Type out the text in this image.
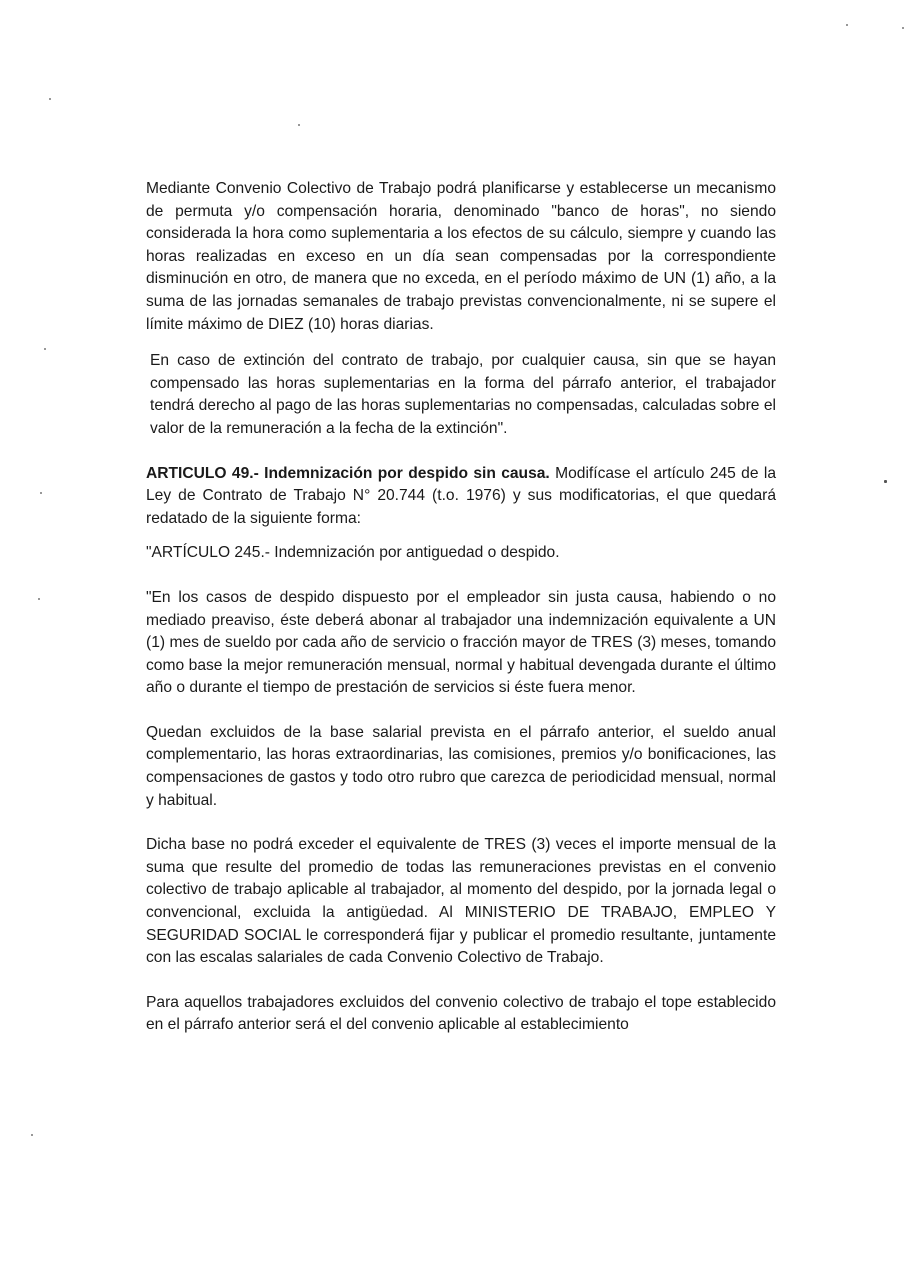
Mediante Convenio Colectivo de Trabajo podrá planificarse y establecerse un mecanismo de permuta y/o compensación horaria, denominado "banco de horas", no siendo considerada la hora como suplementaria a los efectos de su cálculo, siempre y cuando las horas realizadas en exceso en un día sean compensadas por la correspondiente disminución en otro, de manera que no exceda, en el período máximo de UN (1) año, a la suma de las jornadas semanales de trabajo previstas convencionalmente, ni se supere el límite máximo de DIEZ (10) horas diarias.

En caso de extinción del contrato de trabajo, por cualquier causa, sin que se hayan compensado las horas suplementarias en la forma del párrafo anterior, el trabajador tendrá derecho al pago de las horas suplementarias no compensadas, calculadas sobre el valor de la remuneración a la fecha de la extinción".

ARTICULO 49.- Indemnización por despido sin causa. Modifícase el artículo 245 de la Ley de Contrato de Trabajo N° 20.744 (t.o. 1976) y sus modificatorias, el que quedará redatado de la siguiente forma:

"ARTÍCULO 245.- Indemnización por antiguedad o despido.

"En los casos de despido dispuesto por el empleador sin justa causa, habiendo o no mediado preaviso, éste deberá abonar al trabajador una indemnización equivalente a UN (1) mes de sueldo por cada año de servicio o fracción mayor de TRES (3) meses, tomando como base la mejor remuneración mensual, normal y habitual devengada durante el último año o durante el tiempo de prestación de servicios si éste fuera menor.

Quedan excluidos de la base salarial prevista en el párrafo anterior, el sueldo anual complementario, las horas extraordinarias, las comisiones, premios y/o bonificaciones, las compensaciones de gastos y todo otro rubro que carezca de periodicidad mensual, normal y habitual.

Dicha base no podrá exceder el equivalente de TRES (3) veces el importe mensual de la suma que resulte del promedio de todas las remuneraciones previstas en el convenio colectivo de trabajo aplicable al trabajador, al momento del despido, por la jornada legal o convencional, excluida la antigüedad. Al MINISTERIO DE TRABAJO, EMPLEO Y SEGURIDAD SOCIAL le corresponderá fijar y publicar el promedio resultante, juntamente con las escalas salariales de cada Convenio Colectivo de Trabajo.

Para aquellos trabajadores excluidos del convenio colectivo de trabajo el tope establecido en el párrafo anterior será el del convenio aplicable al establecimiento
